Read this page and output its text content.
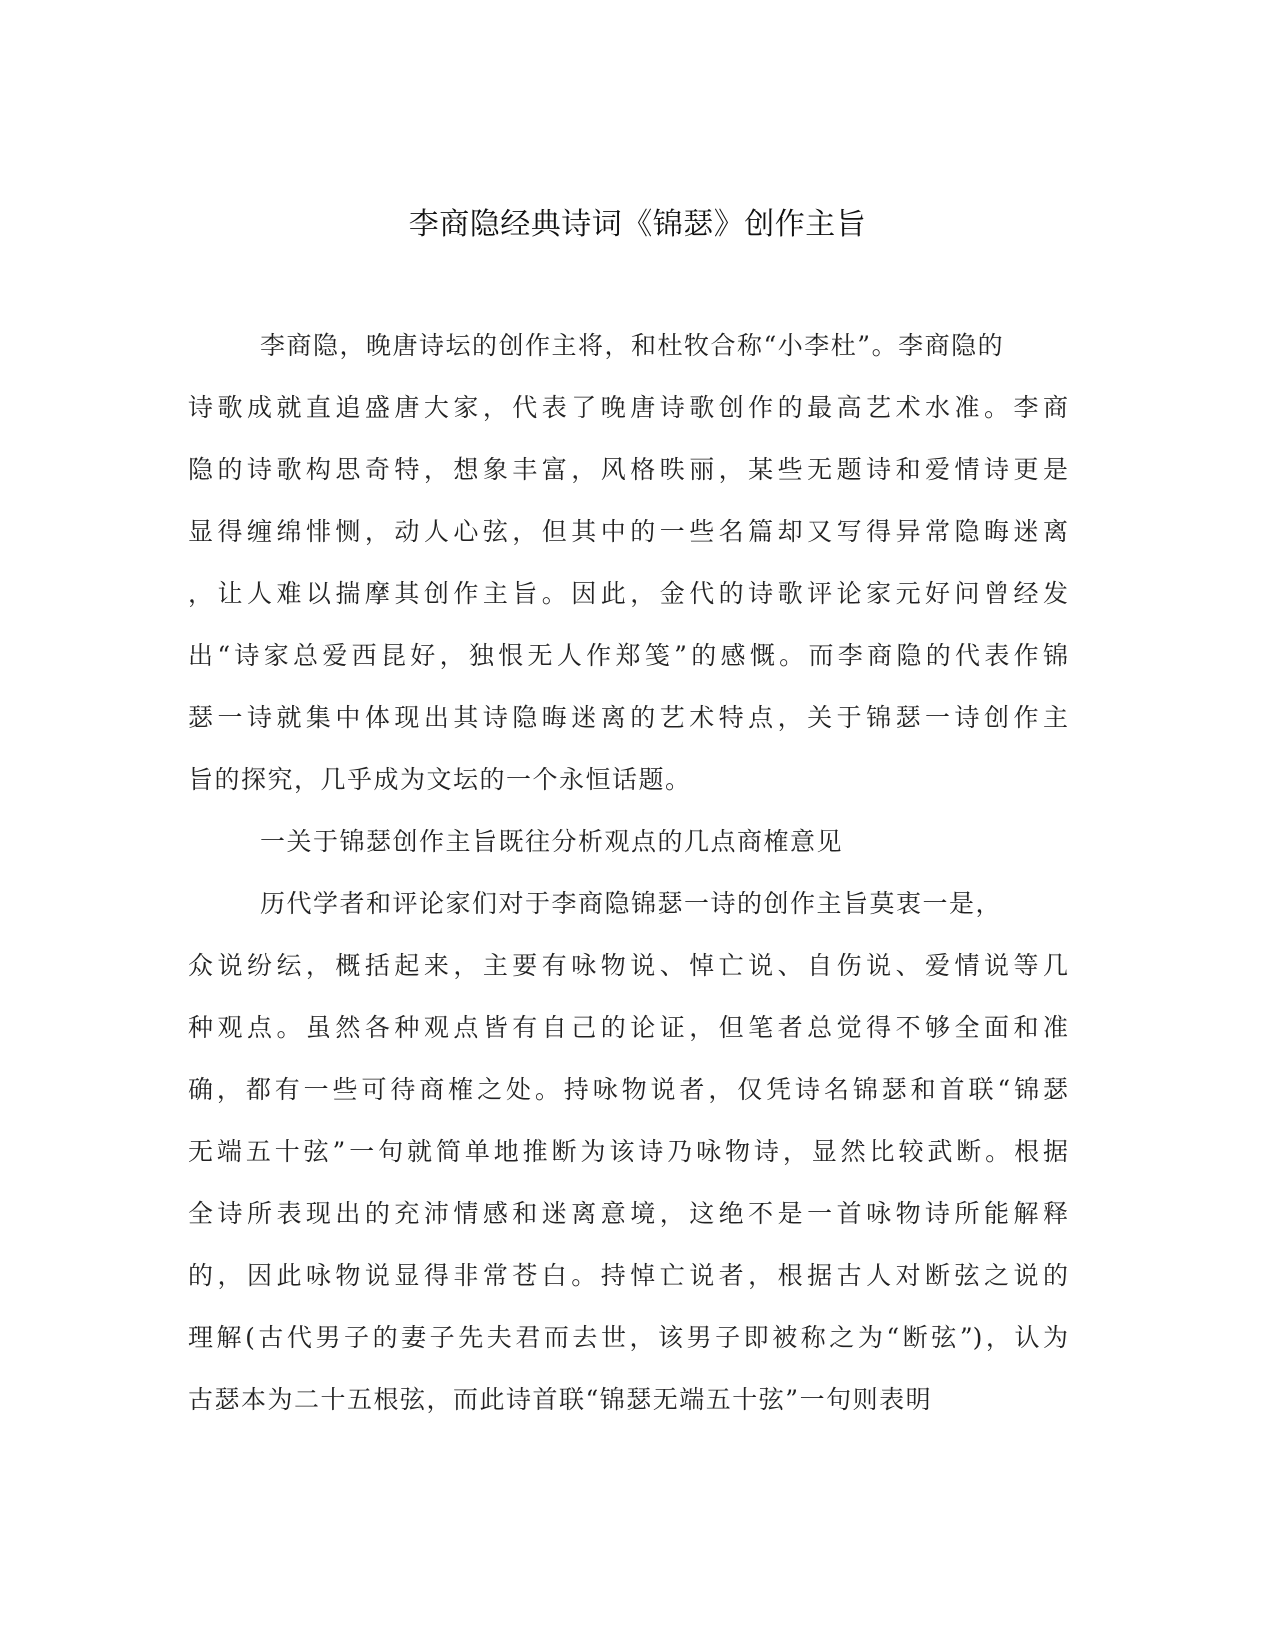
李商隐经典诗词《锦瑟》创作主旨
李商隐，晚唐诗坛的创作主将，和杜牧合称“小李杜”。李商隐的
诗歌成就直追盛唐大家，代表了晚唐诗歌创作的最高艺术水准。李商
隐的诗歌构思奇特，想象丰富，风格昳丽，某些无题诗和爱情诗更是
显得缠绵悱恻，动人心弦，但其中的一些名篇却又写得异常隐晦迷离
，让人难以揣摩其创作主旨。因此，金代的诗歌评论家元好问曾经发
出“诗家总爱西昆好，独恨无人作郑笺”的感慨。而李商隐的代表作锦
瑟一诗就集中体现出其诗隐晦迷离的艺术特点，关于锦瑟一诗创作主
旨的探究，几乎成为文坛的一个永恒话题。
一关于锦瑟创作主旨既往分析观点的几点商榷意见
历代学者和评论家们对于李商隐锦瑟一诗的创作主旨莫衷一是，
众说纷纭，概括起来，主要有咏物说、悼亡说、自伤说、爱情说等几
种观点。虽然各种观点皆有自己的论证，但笔者总觉得不够全面和准
确，都有一些可待商榷之处。持咏物说者，仅凭诗名锦瑟和首联“锦瑟
无端五十弦”一句就简单地推断为该诗乃咏物诗，显然比较武断。根据
全诗所表现出的充沛情感和迷离意境，这绝不是一首咏物诗所能解释
的，因此咏物说显得非常苍白。持悼亡说者，根据古人对断弦之说的
理解(古代男子的妻子先夫君而去世，该男子即被称之为“断弦”)，认为
古瑟本为二十五根弦，而此诗首联“锦瑟无端五十弦”一句则表明
